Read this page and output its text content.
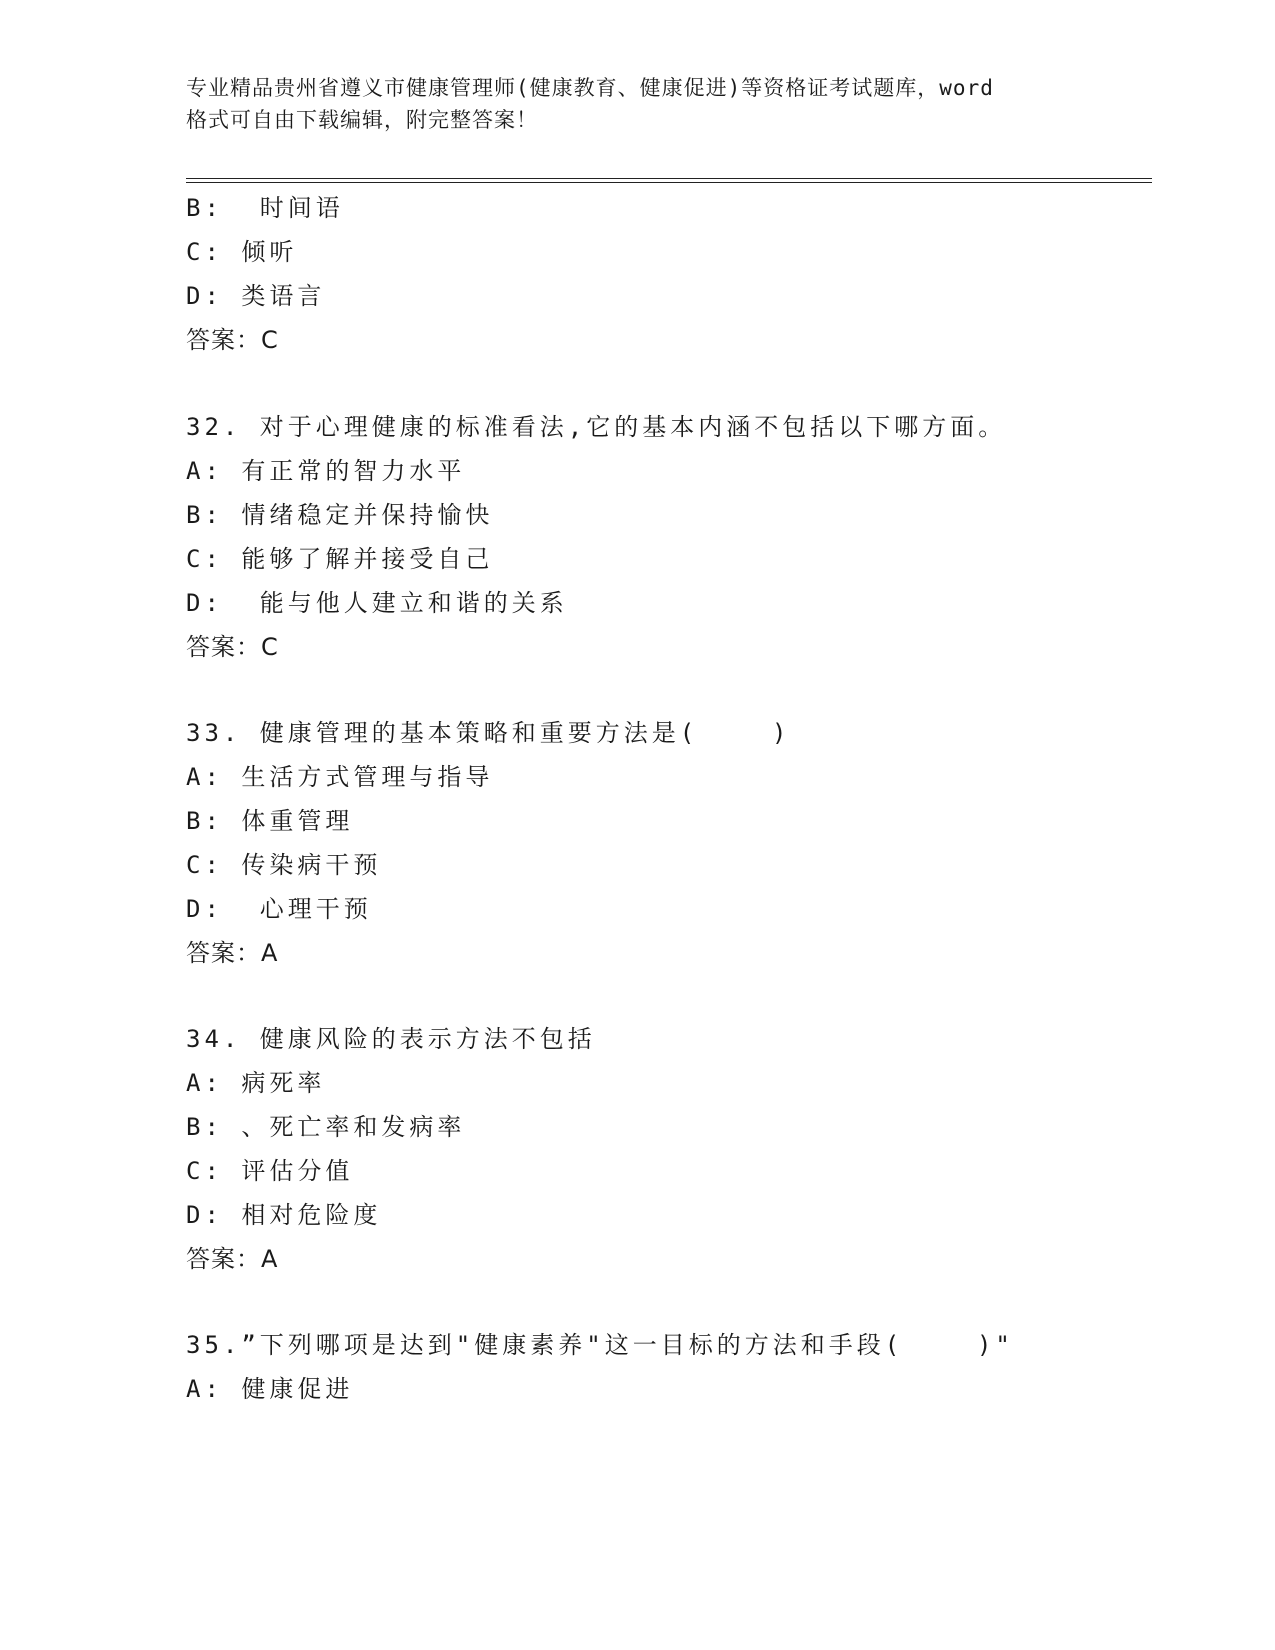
专业精品贵州省遵义市健康管理师(健康教育、健康促进)等资格证考试题库，word
格式可自由下载编辑，附完整答案！
B:  时间语
C: 倾听
D: 类语言
答案：C
32. 对于心理健康的标准看法,它的基本内涵不包括以下哪方面。
A: 有正常的智力水平
B: 情绪稳定并保持愉快
C: 能够了解并接受自己
D:  能与他人建立和谐的关系
答案：C
33. 健康管理的基本策略和重要方法是(    )
A: 生活方式管理与指导
B: 体重管理
C: 传染病干预
D:  心理干预
答案：A
34. 健康风险的表示方法不包括
A: 病死率
B: 、死亡率和发病率
C: 评估分值
D: 相对危险度
答案：A
35.”下列哪项是达到"健康素养"这一目标的方法和手段(    )"
A: 健康促进
